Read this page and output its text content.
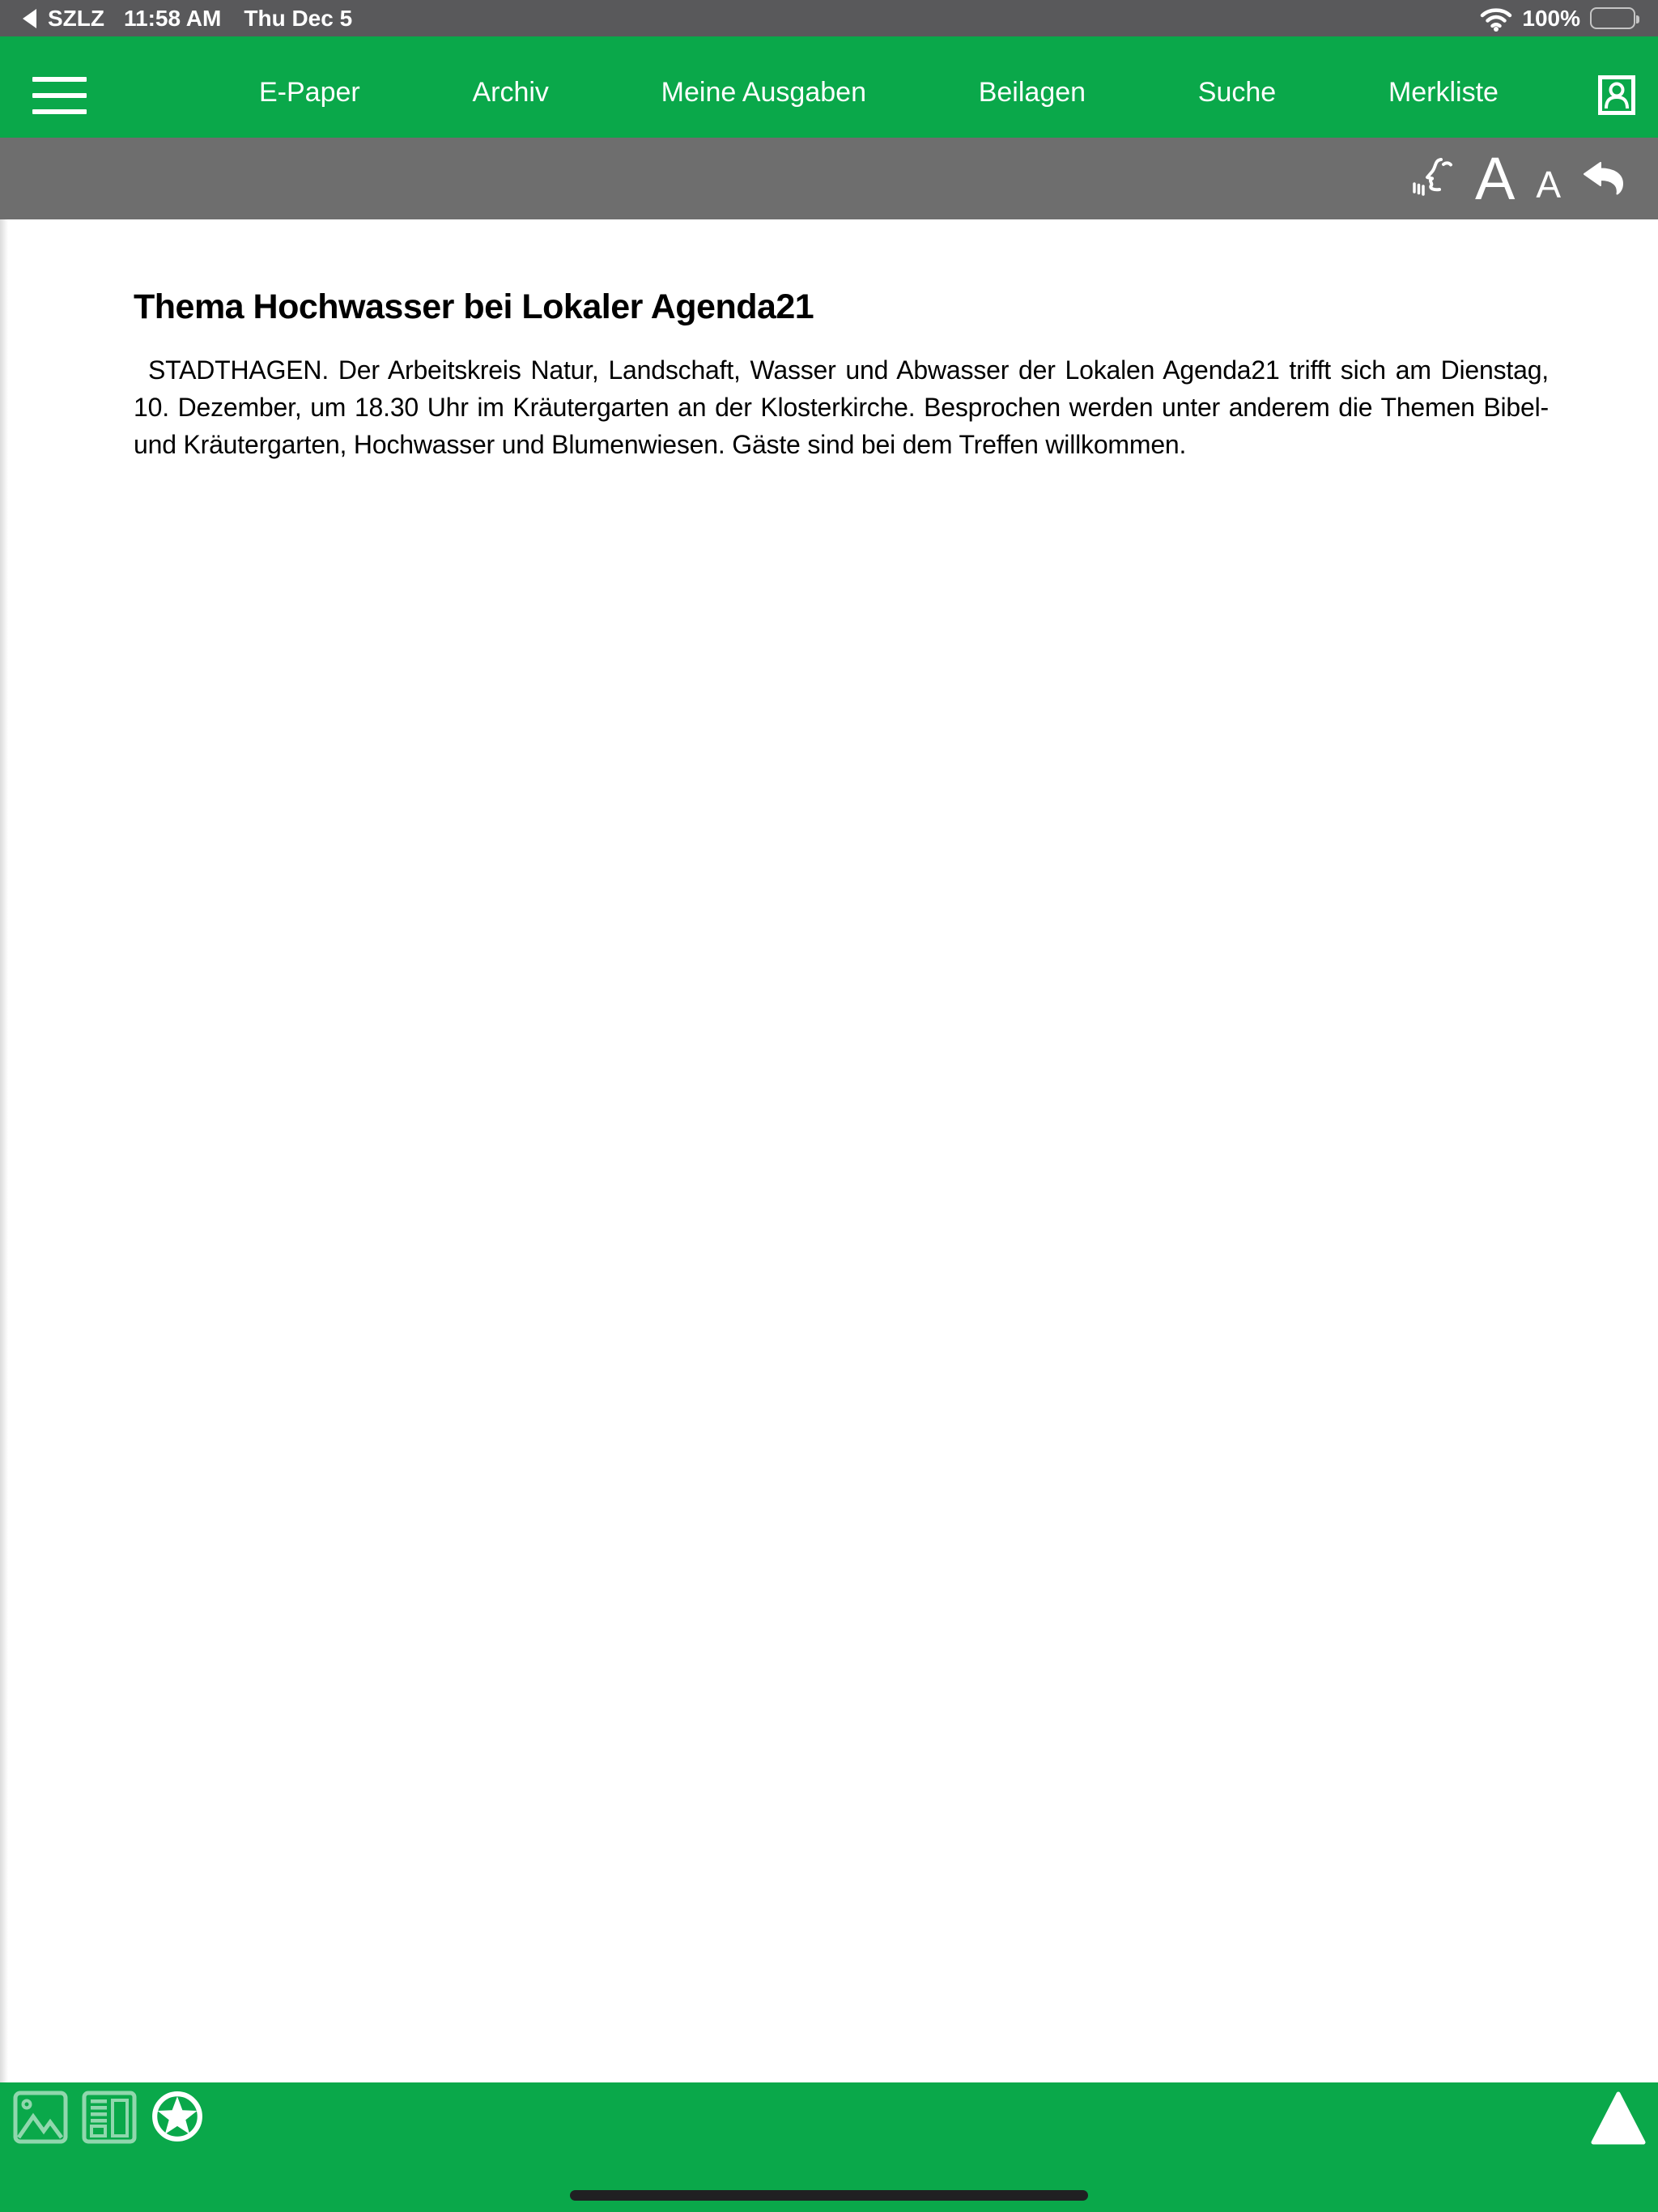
SZLZ 11:58 AM Thu Dec 5	100%
E-Paper	Archiv	Meine Ausgaben	Beilagen	Suche	Merkliste
A A
Thema Hochwasser bei Lokaler Agenda21

STADTHAGEN. Der Arbeitskreis Natur, Landschaft, Wasser und Abwasser der Lokalen Agenda21 trifft sich am Dienstag, 10. Dezember, um 18.30 Uhr im Kräutergarten an der Klosterkirche. Besprochen werden unter anderem die Themen Bibel- und Kräutergarten, Hochwasser und Blumenwiesen. Gäste sind bei dem Treffen willkommen.
